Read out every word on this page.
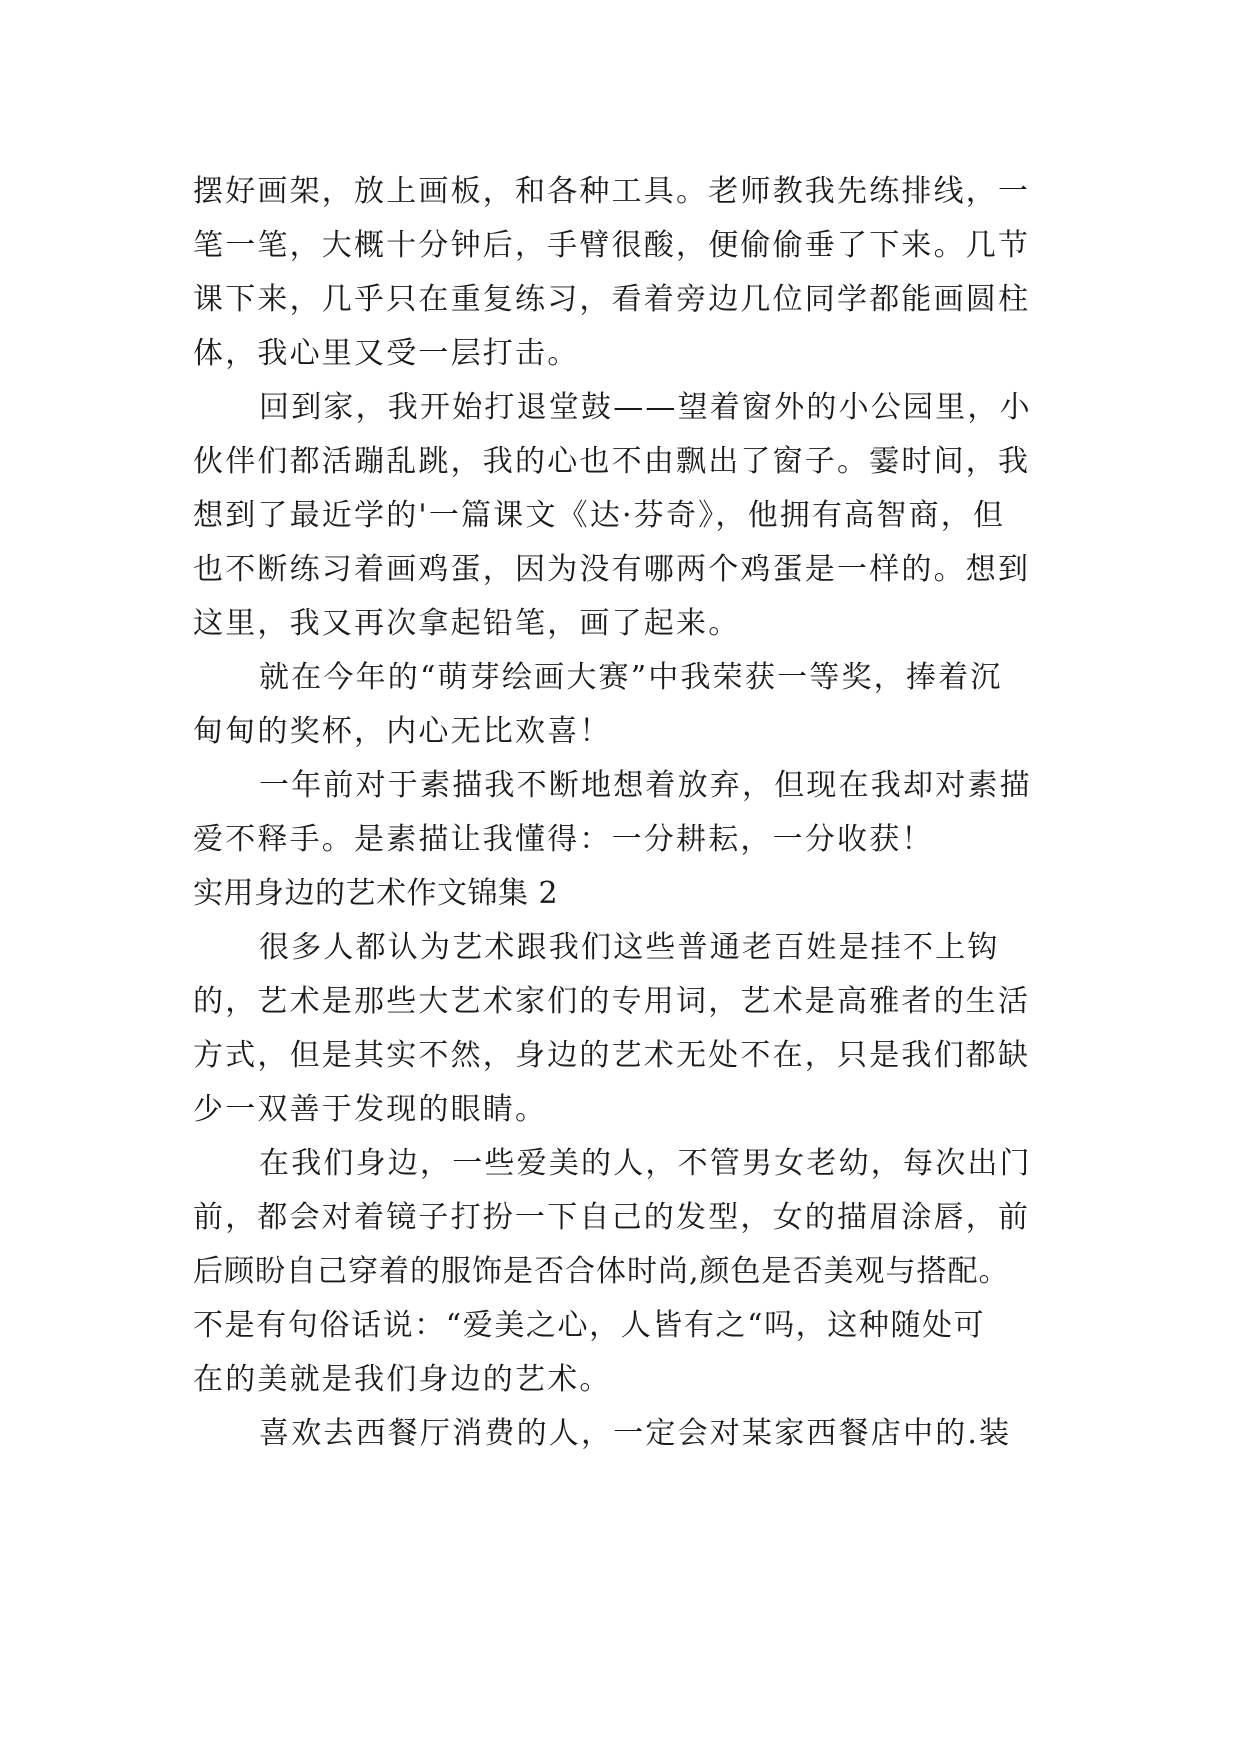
摆好画架，放上画板，和各种工具。老师教我先练排线，一
笔一笔，大概十分钟后，手臂很酸，便偷偷垂了下来。几节
课下来，几乎只在重复练习，看着旁边几位同学都能画圆柱
体，我心里又受一层打击。

回到家，我开始打退堂鼓——望着窗外的小公园里，小
伙伴们都活蹦乱跳，我的心也不由飘出了窗子。霎时间，我
想到了最近学的'一篇课文《达·芬奇》，他拥有高智商，但
也不断练习着画鸡蛋，因为没有哪两个鸡蛋是一样的。想到
这里，我又再次拿起铅笔，画了起来。

就在今年的“萌芽绘画大赛”中我荣获一等奖，捧着沉
甸甸的奖杯，内心无比欢喜！

一年前对于素描我不断地想着放弃，但现在我却对素描
爱不释手。是素描让我懂得：一分耕耘，一分收获！

实用身边的艺术作文锦集 2

很多人都认为艺术跟我们这些普通老百姓是挂不上钩
的，艺术是那些大艺术家们的专用词，艺术是高雅者的生活
方式，但是其实不然，身边的艺术无处不在，只是我们都缺
少一双善于发现的眼睛。

在我们身边，一些爱美的人，不管男女老幼，每次出门
前，都会对着镜子打扮一下自己的发型，女的描眉涂唇，前
后顾盼自己穿着的服饰是否合体时尚,颜色是否美观与搭配。
不是有句俗话说：“爱美之心，人皆有之“吗，这种随处可
在的美就是我们身边的艺术。

喜欢去西餐厅消费的人，一定会对某家西餐店中的.装
